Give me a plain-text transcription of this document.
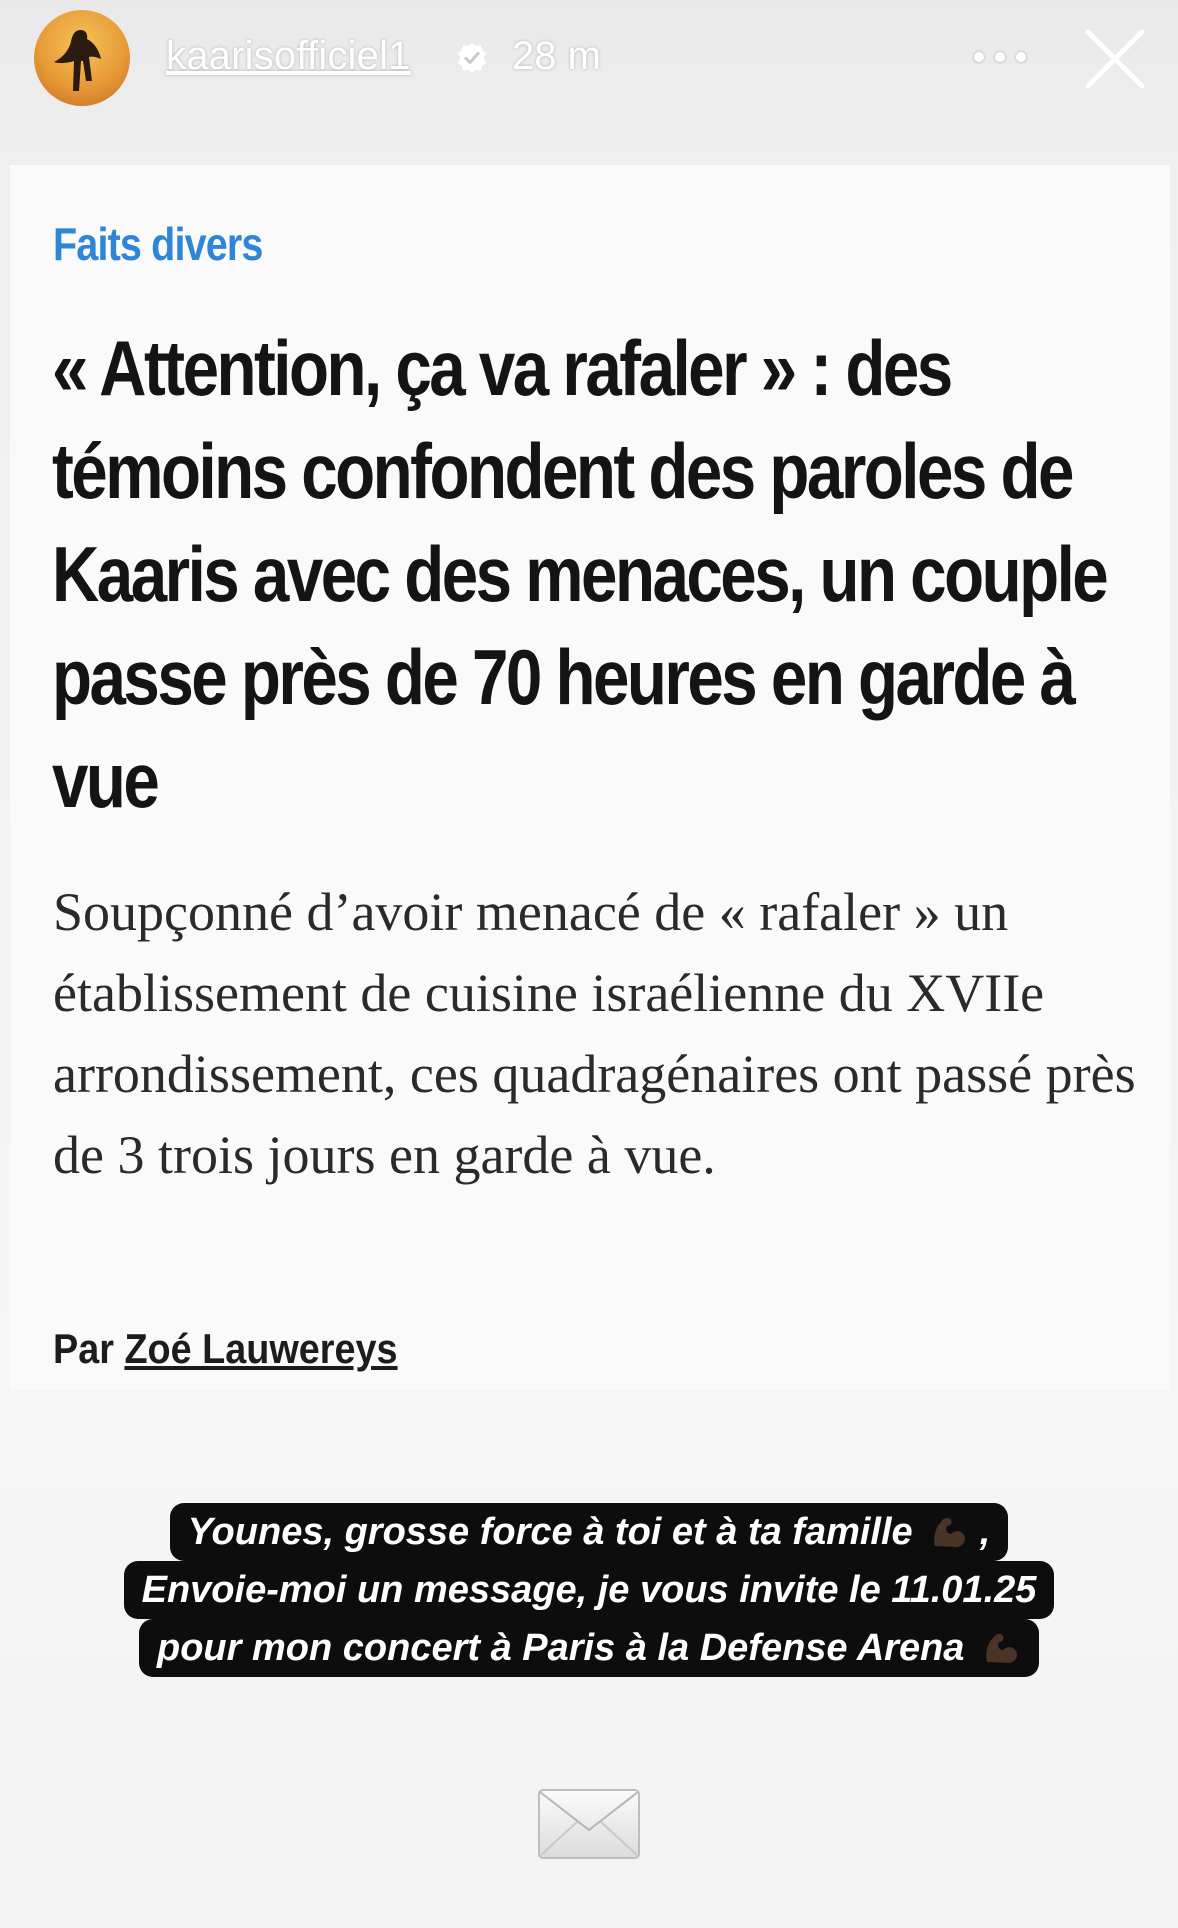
kaarisofficiel1	28 m
Faits divers
« Attention, ça va rafaler » : des témoins confondent des paroles de Kaaris avec des menaces, un couple passe près de 70 heures en garde à vue

Soupçonné d’avoir menacé de « rafaler » un établissement de cuisine israélienne du XVIIe arrondissement, ces quadragénaires ont passé près de 3 trois jours en garde à vue.

Par Zoé Lauwereys
Younes, grosse force à toi et à ta famille ,
Envoie-moi un message, je vous invite le 11.01.25
pour mon concert à Paris à la Defense Arena
